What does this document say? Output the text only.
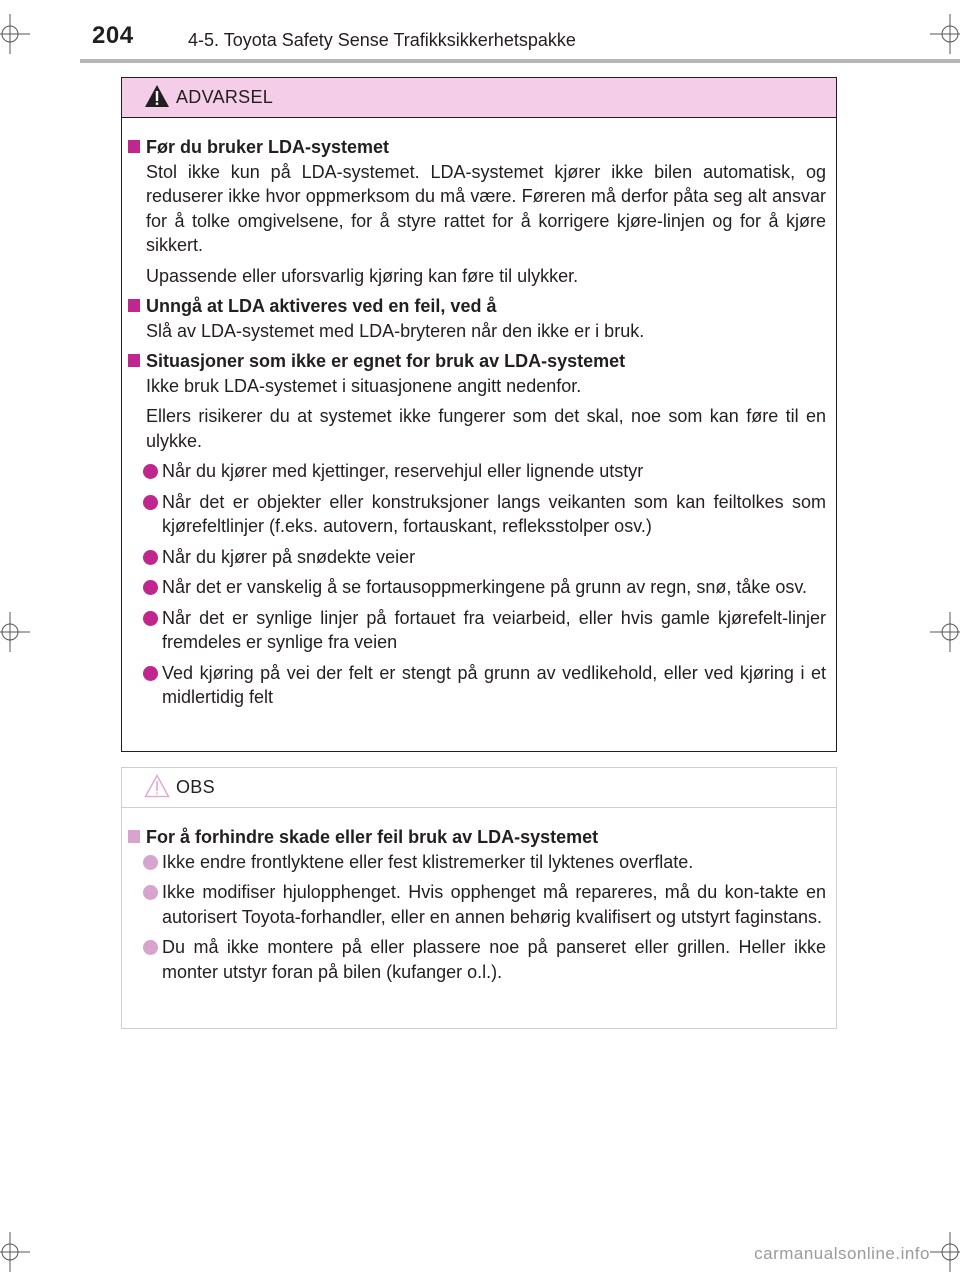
204	4-5. Toyota Safety Sense Trafikksikkerhetspakke
ADVARSEL
Før du bruker LDA-systemet
Stol ikke kun på LDA-systemet. LDA-systemet kjører ikke bilen automatisk, og reduserer ikke hvor oppmerksom du må være. Føreren må derfor påta seg alt ansvar for å tolke omgivelsene, for å styre rattet for å korrigere kjøre-linjen og for å kjøre sikkert.
Upassende eller uforsvarlig kjøring kan føre til ulykker.
Unngå at LDA aktiveres ved en feil, ved å
Slå av LDA-systemet med LDA-bryteren når den ikke er i bruk.
Situasjoner som ikke er egnet for bruk av LDA-systemet
Ikke bruk LDA-systemet i situasjonene angitt nedenfor.
Ellers risikerer du at systemet ikke fungerer som det skal, noe som kan føre til en ulykke.
Når du kjører med kjettinger, reservehjul eller lignende utstyr
Når det er objekter eller konstruksjoner langs veikanten som kan feiltolkes som kjørefeltlinjer (f.eks. autovern, fortauskant, refleksstolper osv.)
Når du kjører på snødekte veier
Når det er vanskelig å se fortausoppmerkingene på grunn av regn, snø, tåke osv.
Når det er synlige linjer på fortauet fra veiarbeid, eller hvis gamle kjørefelt-linjer fremdeles er synlige fra veien
Ved kjøring på vei der felt er stengt på grunn av vedlikehold, eller ved kjøring i et midlertidig felt
OBS
For å forhindre skade eller feil bruk av LDA-systemet
Ikke endre frontlyktene eller fest klistremerker til lyktenes overflate.
Ikke modifiser hjulopphenget. Hvis opphenget må repareres, må du kon-takte en autorisert Toyota-forhandler, eller en annen behørig kvalifisert og utstyrt faginstans.
Du må ikke montere på eller plassere noe på panseret eller grillen. Heller ikke monter utstyr foran på bilen (kufanger o.l.).
carmanualsonline.info
